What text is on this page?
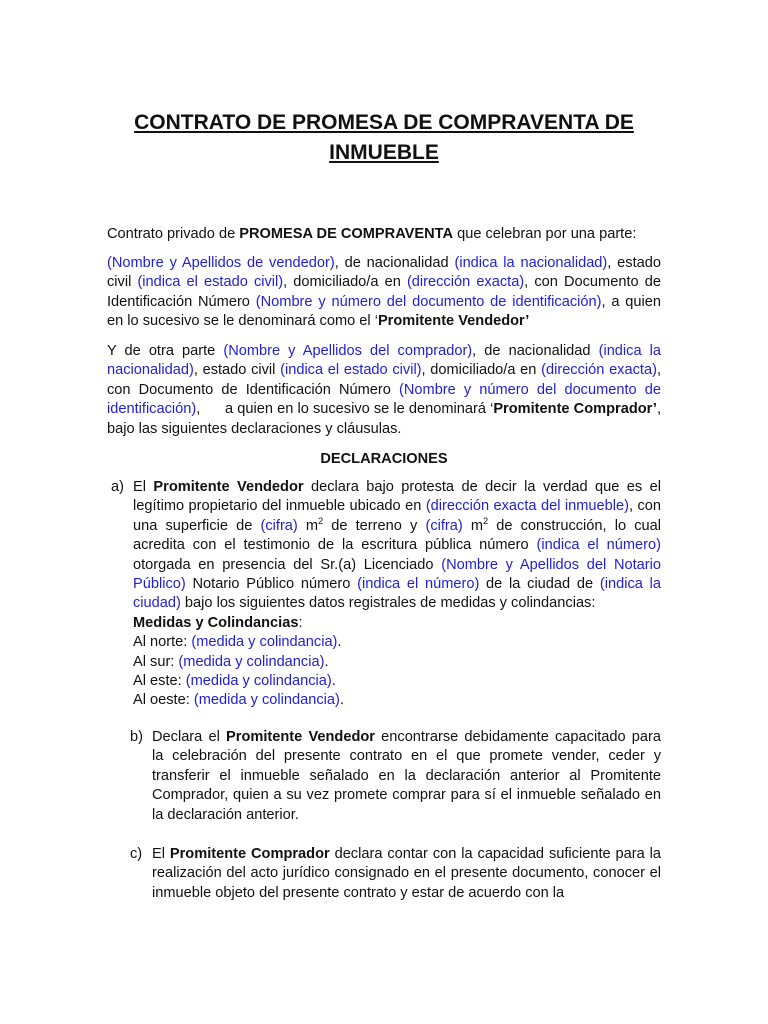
CONTRATO DE PROMESA DE COMPRAVENTA DE
INMUEBLE

Contrato privado de PROMESA DE COMPRAVENTA que celebran por una parte:

(Nombre y Apellidos de vendedor), de nacionalidad (indica la nacionalidad), estado civil (indica el estado civil), domiciliado/a en (dirección exacta), con Documento de Identificación Número (Nombre y número del documento de identificación), a quien en lo sucesivo se le denominará como el ‘Promitente Vendedor’

Y de otra parte (Nombre y Apellidos del comprador), de nacionalidad (indica la nacionalidad), estado civil (indica el estado civil), domiciliado/a en (dirección exacta), con Documento de Identificación Número (Nombre y número del documento de identificación),      a quien en lo sucesivo se le denominará ‘Promitente Comprador’, bajo las siguientes declaraciones y cláusulas.

DECLARACIONES

a) El Promitente Vendedor declara bajo protesta de decir la verdad que es el legítimo propietario del inmueble ubicado en (dirección exacta del inmueble), con una superficie de (cifra) $m^2$ de terreno y (cifra) $m^2$ de construcción, lo cual acredita con el testimonio de la escritura pública número (indica el número) otorgada en presencia del Sr.(a) Licenciado (Nombre y Apellidos del Notario Público) Notario Público número (indica el número) de la ciudad de (indica la ciudad) bajo los siguientes datos registrales de medidas y colindancias:
Medidas y Colindancias:
Al norte: (medida y colindancia).
Al sur: (medida y colindancia).
Al este: (medida y colindancia).
Al oeste: (medida y colindancia).
b) Declara el Promitente Vendedor encontrarse debidamente capacitado para la celebración del presente contrato en el que promete vender, ceder y transferir el inmueble señalado en la declaración anterior al Promitente Comprador, quien a su vez promete comprar para sí el inmueble señalado en la declaración anterior.
c) El Promitente Comprador declara contar con la capacidad suficiente para la realización del acto jurídico consignado en el presente documento, conocer el inmueble objeto del presente contrato y estar de acuerdo con la
